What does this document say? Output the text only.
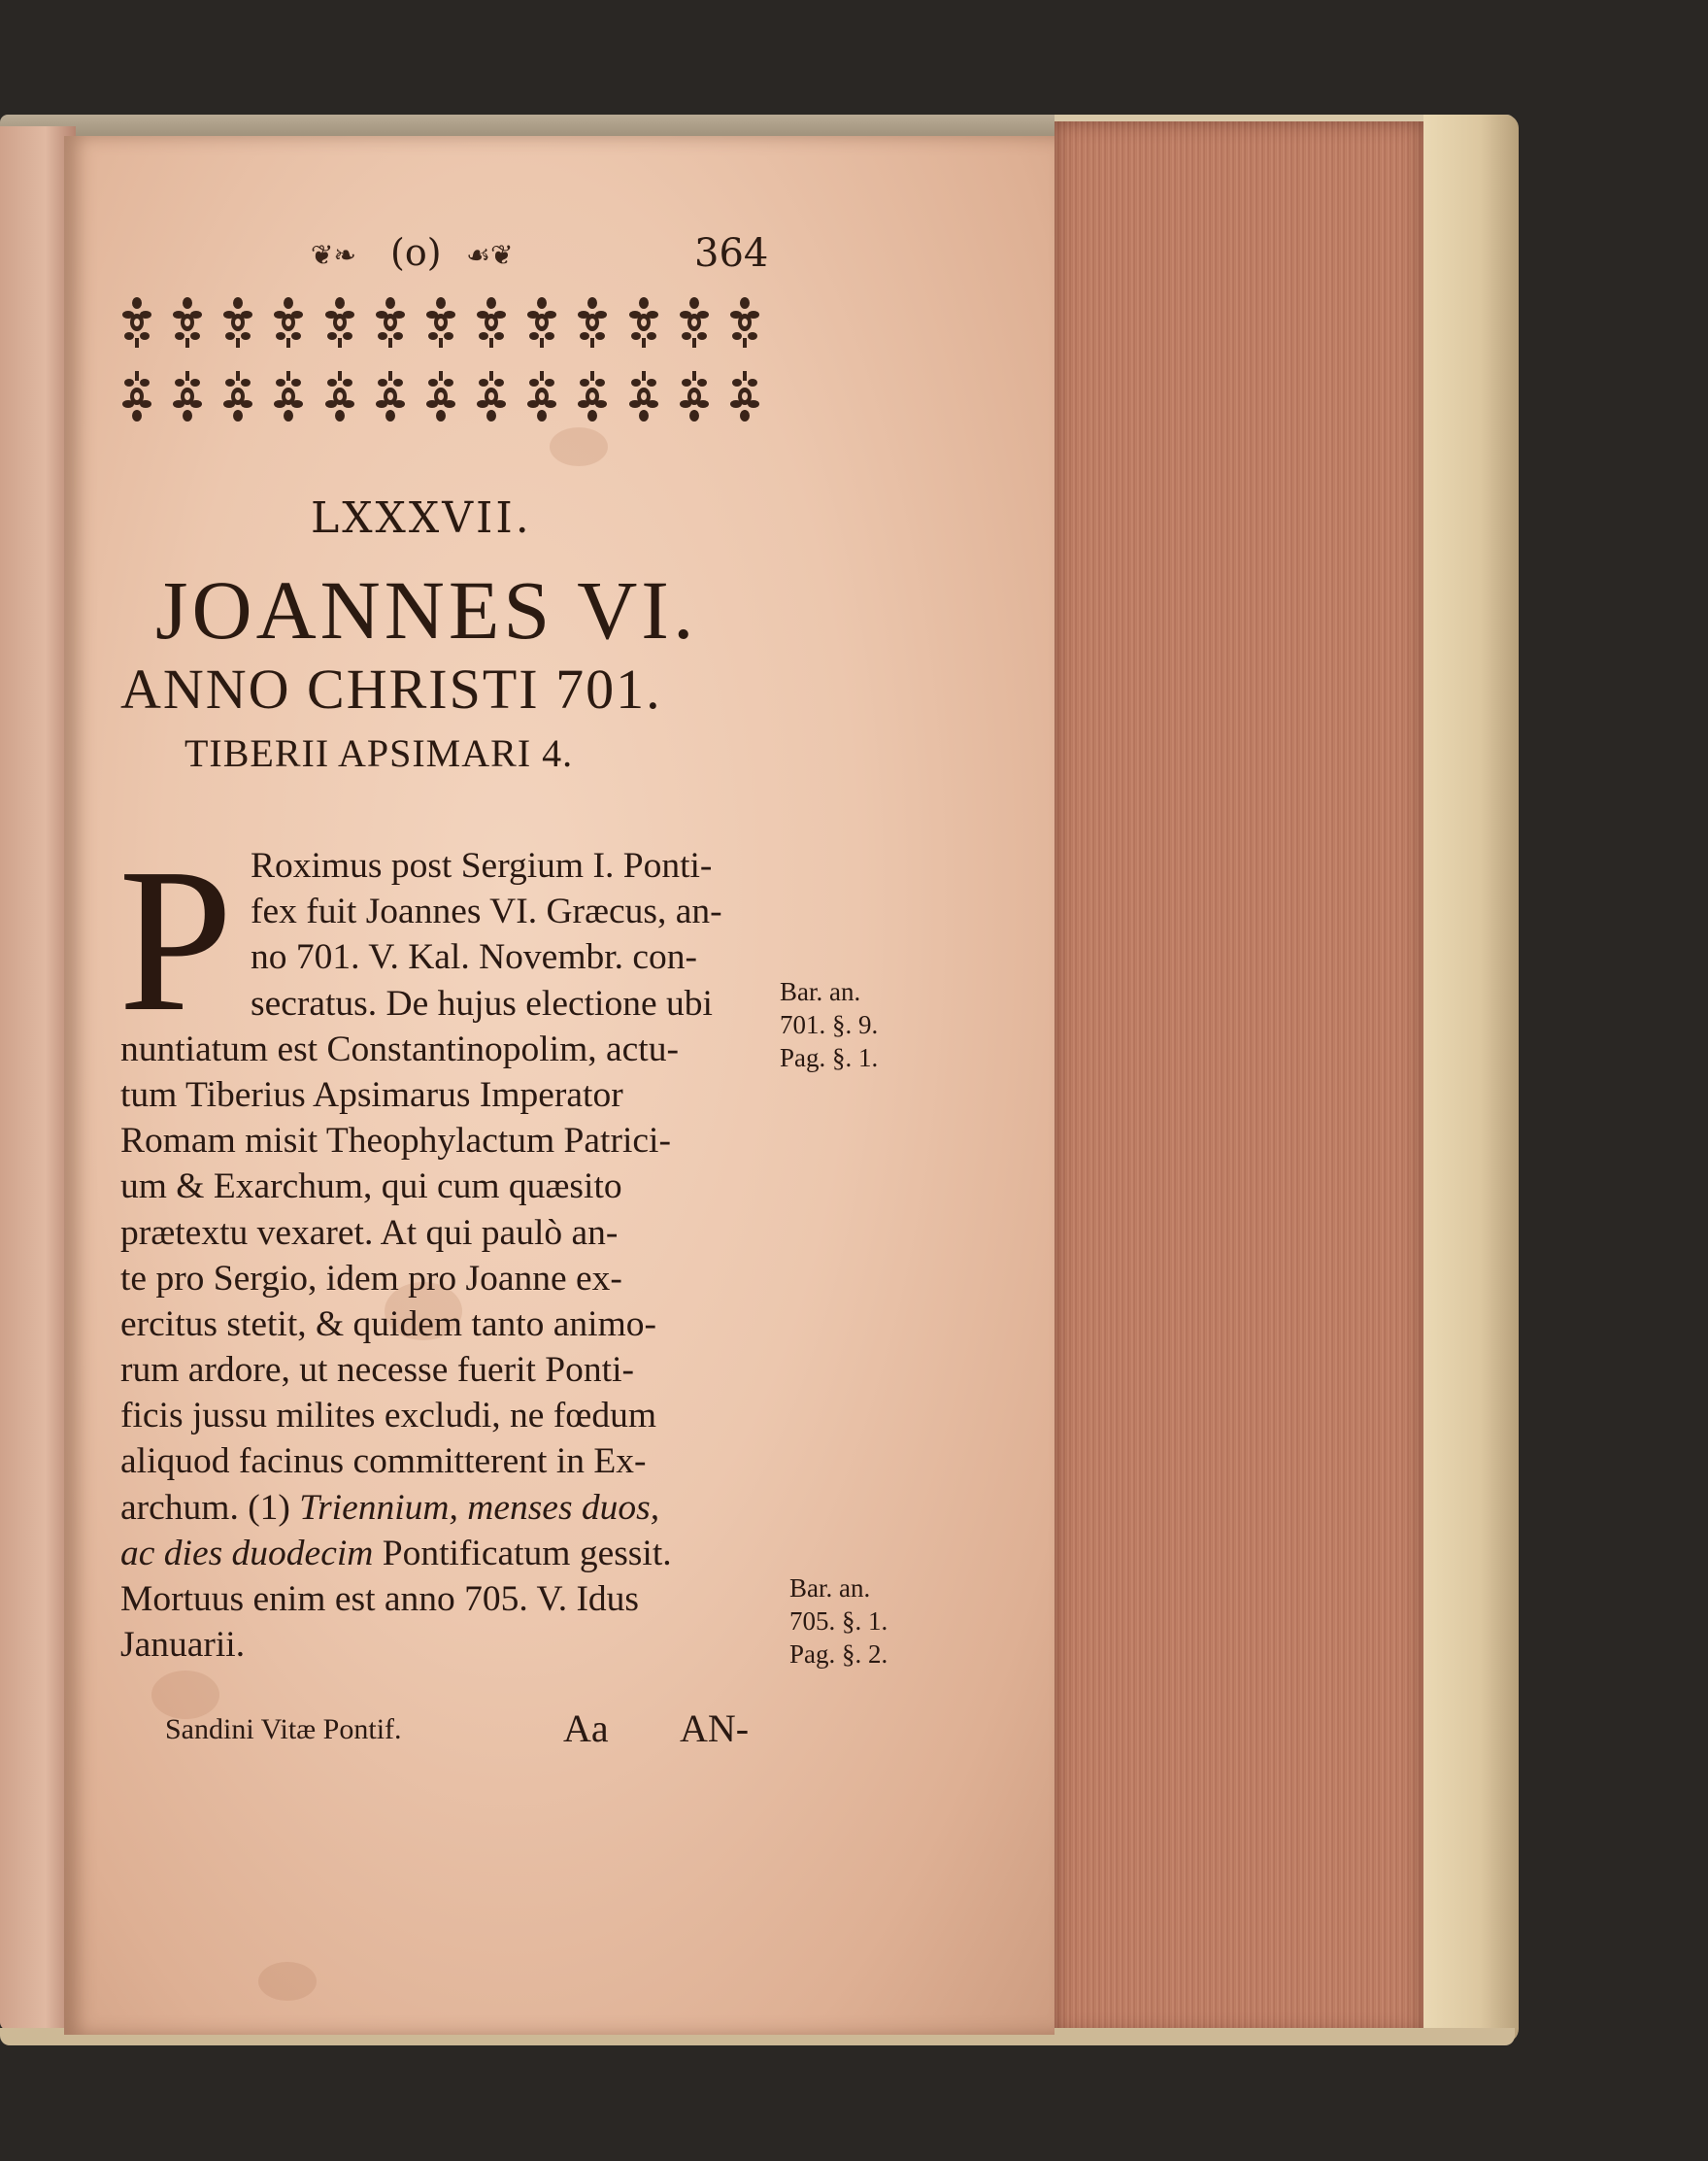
❦❧ (o) ☙❦	364
LXXXVII.
JOANNES VI.
ANNO CHRISTI 701.
TIBERII APSIMARI 4.
P Roximus post Sergium I. Ponti-
fex fuit Joannes VI. Græcus, an-
no 701. V. Kal. Novembr. con-
secratus. De hujus electione ubi
nuntiatum est Constantinopolim, actu-
tum Tiberius Apsimarus Imperator
Romam misit Theophylactum Patrici-
um & Exarchum, qui cum quæsito
prætextu vexaret. At qui paulò an-
te pro Sergio, idem pro Joanne ex-
ercitus stetit, & quidem tanto animo-
rum ardore, ut necesse fuerit Ponti-
ficis jussu milites excludi, ne fœdum
aliquod facinus committerent in Ex-
archum. (1) Triennium, menses duos,
ac dies duodecim Pontificatum gessit.
Mortuus enim est anno 705. V. Idus
Januarii.
Bar. an.
701. §. 9.
Pag. §. 1.
Bar. an.
705. §. 1.
Pag. §. 2.
Sandini Vitæ Pontif.	Aa AN-
